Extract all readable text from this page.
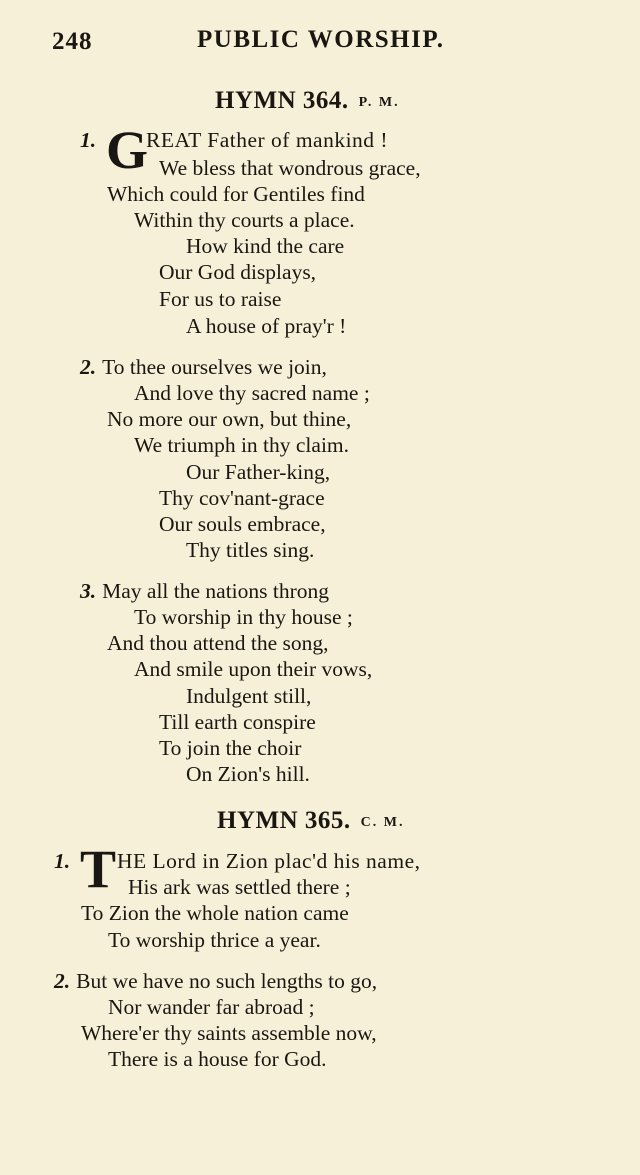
248	PUBLIC WORSHIP.
HYMN 364. P. M.
1. G
REAT Father of mankind !
We bless that wondrous grace,
Which could for Gentiles find
Within thy courts a place.
How kind the care
Our God displays,
For us to raise
A house of pray'r !
2. To thee ourselves we join,
And love thy sacred name ;
No more our own, but thine,
We triumph in thy claim.
Our Father-king,
Thy cov'nant-grace
Our souls embrace,
Thy titles sing.
3. May all the nations throng
To worship in thy house ;
And thou attend the song,
And smile upon their vows,
Indulgent still,
Till earth conspire
To join the choir
On Zion's hill.
HYMN 365. C. M.
1. T HE Lord in Zion plac'd his name,
His ark was settled there ;
To Zion the whole nation came
To worship thrice a year.
2. But we have no such lengths to go,
Nor wander far abroad ;
Where'er thy saints assemble now,
There is a house for God.
